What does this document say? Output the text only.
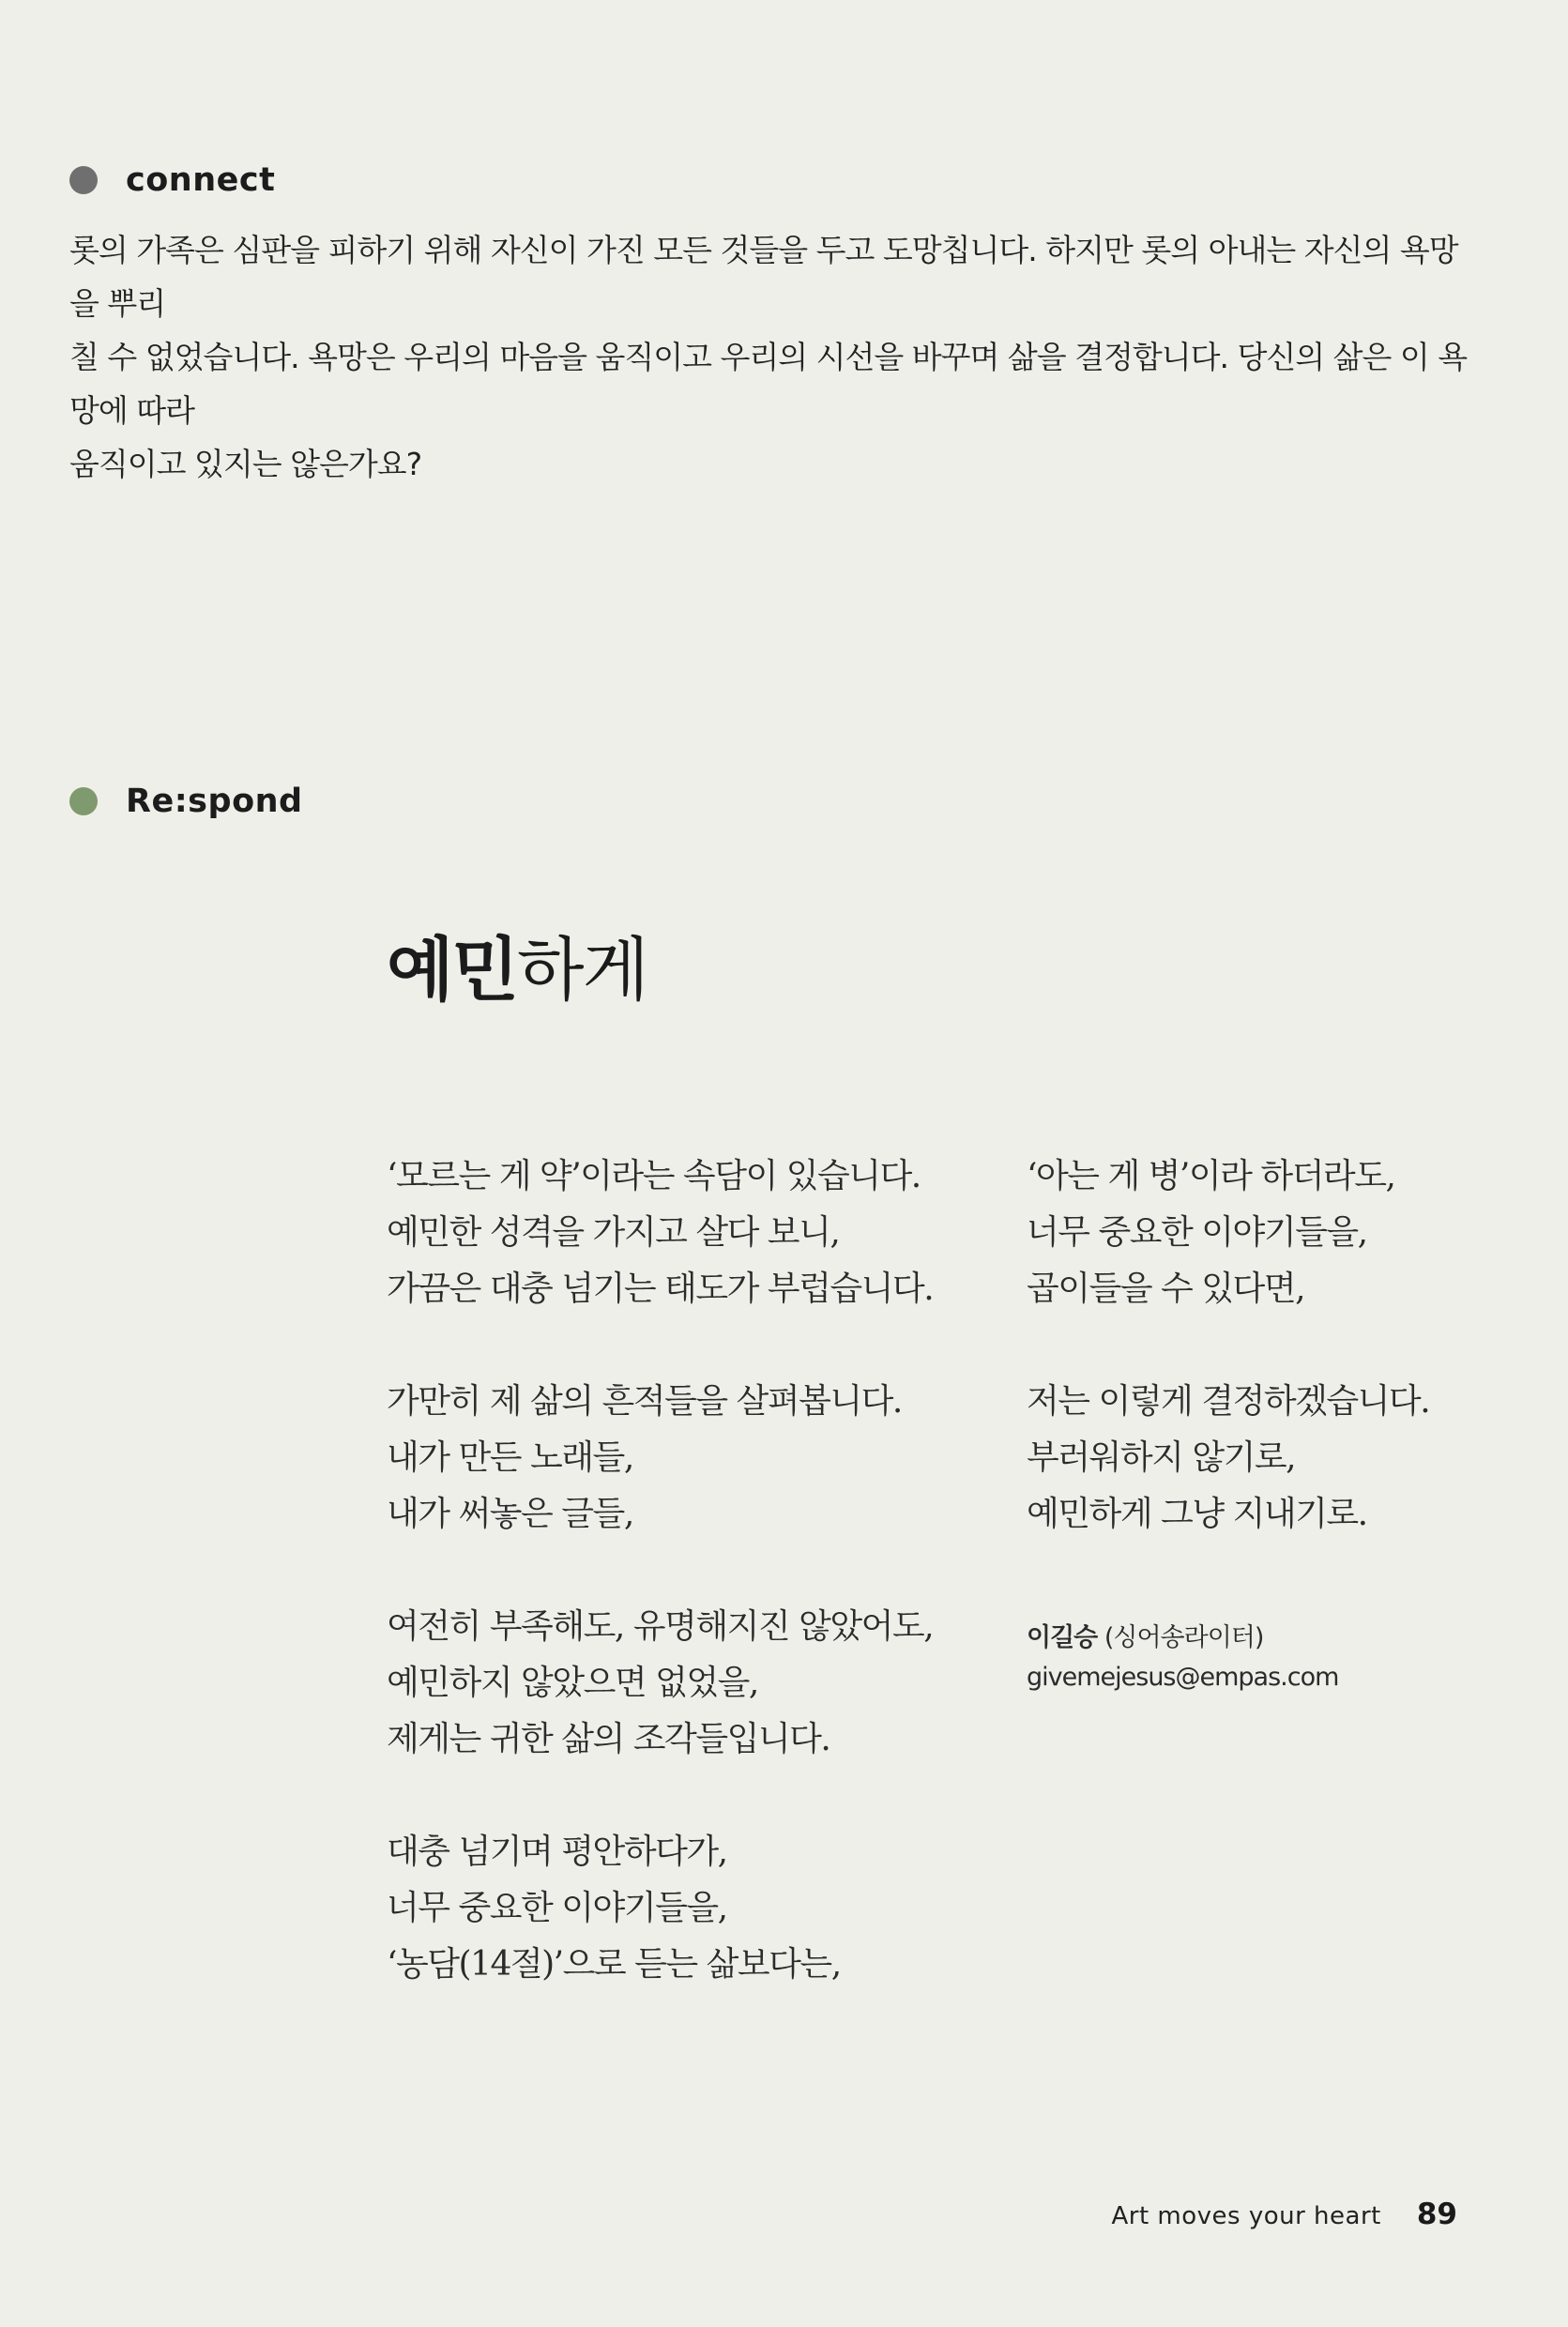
connect

롯의 가족은 심판을 피하기 위해 자신이 가진 모든 것들을 두고 도망칩니다. 하지만 롯의 아내는 자신의 욕망을 뿌리

칠 수 없었습니다. 욕망은 우리의 마음을 움직이고 우리의 시선을 바꾸며 삶을 결정합니다. 당신의 삶은 이 욕망에 따라

움직이고 있지는 않은가요?

Re:spond
예민하게
‘모르는 게 약’이라는 속담이 있습니다.
예민한 성격을 가지고 살다 보니,
가끔은 대충 넘기는 태도가 부럽습니다.
가만히 제 삶의 흔적들을 살펴봅니다.
내가 만든 노래들,
내가 써놓은 글들,
여전히 부족해도, 유명해지진 않았어도,
예민하지 않았으면 없었을,
제게는 귀한 삶의 조각들입니다.
대충 넘기며 평안하다가,
너무 중요한 이야기들을,
‘농담(14절)’으로 듣는 삶보다는,
‘아는 게 병’이라 하더라도,
너무 중요한 이야기들을,
곱이들을 수 있다면,
저는 이렇게 결정하겠습니다.
부러워하지 않기로,
예민하게 그냥 지내기로.
이길승 (싱어송라이터)
givemejesus@empas.com
Art moves your heart 89
